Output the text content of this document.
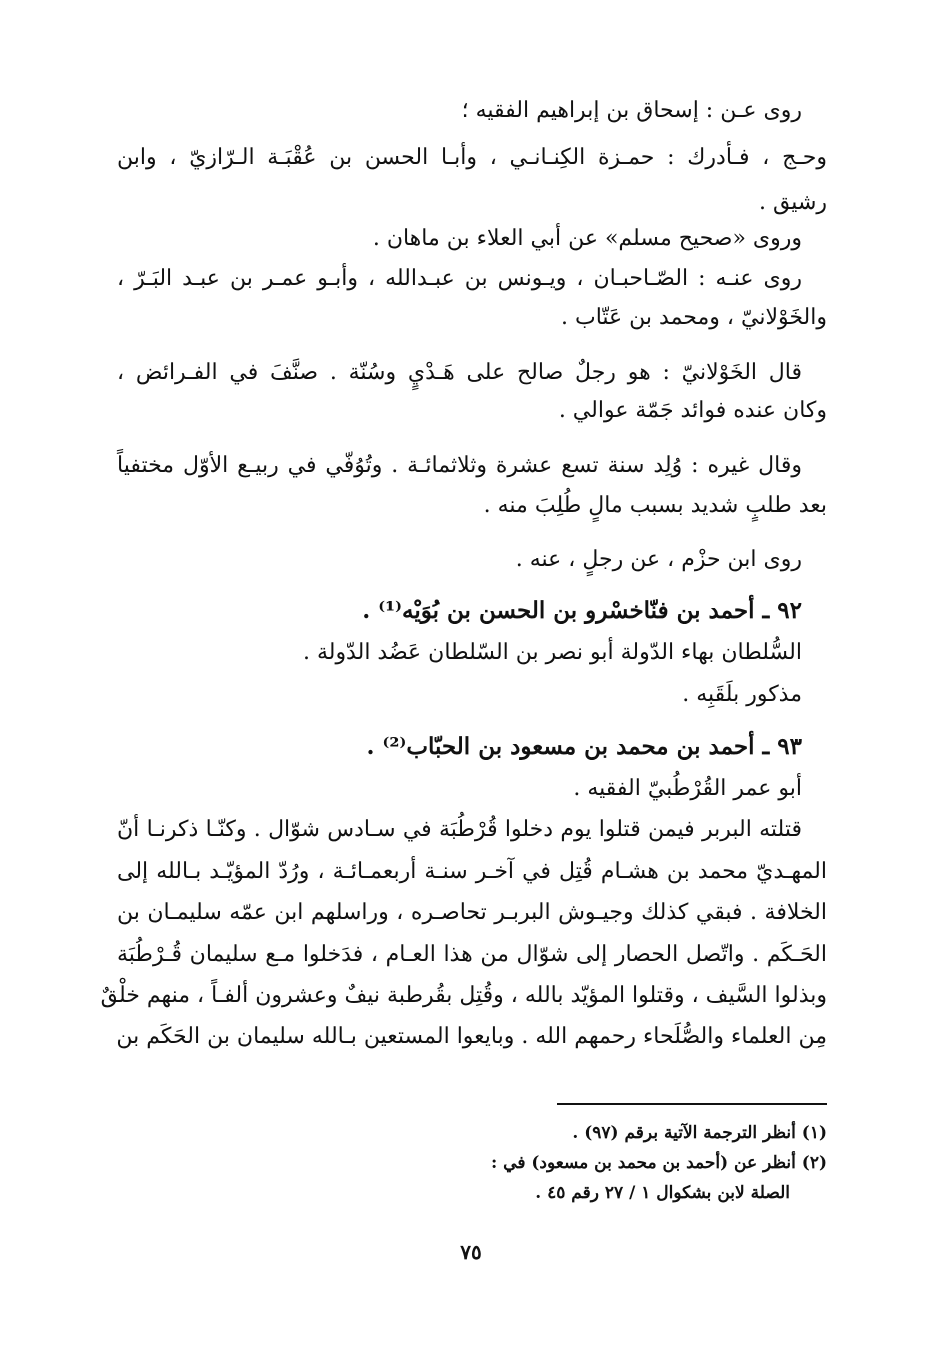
روى عـن : إسحاق بن إبراهيم الفقيه ؛
وحـج ، فـأدرك : حمـزة الكِنـانـي ، وأبـا الحسن بن عُقْبَـة الـرّازيّ ، وابن
رشيق .
وروى «صحيح مسلم» عن أبي العلاء بن ماهان .
روى عنـه : الصّـاحبـان ، ويـونس بن عبـدالله ، وأبـو عمـر بن عبـد البَـرّ ،
والخَوْلانيّ ، ومحمد بن عَتّاب .
قال الخَوْلانيّ : هو رجلٌ صالح على هَـدْيٍ وسُنّة . صنَّفَ في الفـرائض ،
وكان عنده فوائد جَمّة عوالي .
وقال غيره : وُلِد سنة تسع عشرة وثلاثمائـة . وتُوُفّي في ربيـع الأوّل مختفياً
بعد طلبٍ شديد بسبب مالٍ طُلِبَ منه .
روى ابن حزْم ، عن رجلٍ ، عنه .
٩٢ ـ أحمد بن فنّاخسْرو بن الحسن بن بُوَيْه⁽¹⁾ .
السُّلطان بهاء الدّولة أبو نصر بن السّلطان عَضُد الدّولة .
مذكور بلَقَبِه .
٩٣ ـ أحمد بن محمد بن مسعود بن الحبّاب⁽²⁾ .
أبو عمر القُرْطُبيّ الفقيه .
قتلته البربر فيمن قتلوا يوم دخلوا قُرْطُبَة في سـادس شوّال . وكنّـا ذكرنـا أنّ
المهـديّ محمد بن هشـام قُتِل في آخـر سنـة أربعمـائـة ، ورُدّ المؤيّـد بـالله إلى
الخلافة . فبقي كذلك وجيـوش البربـر تحاصـره ، وراسلهم ابن عمّه سليمـان بن
الحَـكَم . واتّصل الحصار إلى شوّال من هذا العـام ، فدَخلوا مـع سليمان قُـرْطُبَة
وبذلوا السَّيف ، وقتلوا المؤيّد بالله ، وقُتِل بقُرطبة نيفٌ وعشرون ألفـاً ، منهم خلْقٌ
مِن العلماء والصُّلَحاء رحمهم الله . وبايعوا المستعين بـالله سليمان بن الحَكَم بن
(١) أنظر الترجمة الآتية برقم (٩٧) .
(٢) أنظر عن (أحمد بن محمد بن مسعود) في :
الصلة لابن بشكوال ١ / ٢٧ رقم ٤٥ .
٧٥
